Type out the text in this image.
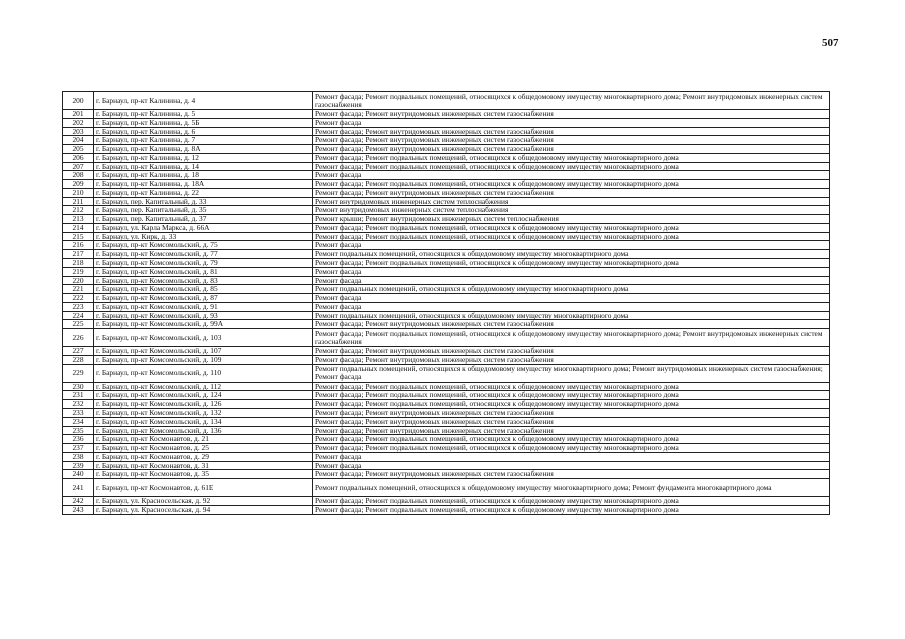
507
200	г. Барнаул, пр-кт Калинина, д. 4	Ремонт фасада; Ремонт подвальных помещений, относящихся к общедомовому имуществу многоквартирного дома; Ремонт внутридомовых инженерных систем газоснабжения
201	г. Барнаул, пр-кт Калинина, д. 5	Ремонт фасада; Ремонт внутридомовых инженерных систем газоснабжения
202	г. Барнаул, пр-кт Калинина, д. 5Б	Ремонт фасада
203	г. Барнаул, пр-кт Калинина, д. 6	Ремонт фасада; Ремонт внутридомовых инженерных систем газоснабжения
204	г. Барнаул, пр-кт Калинина, д. 7	Ремонт фасада; Ремонт внутридомовых инженерных систем газоснабжения
205	г. Барнаул, пр-кт Калинина, д. 8А	Ремонт фасада; Ремонт внутридомовых инженерных систем газоснабжения
206	г. Барнаул, пр-кт Калинина, д. 12	Ремонт фасада; Ремонт подвальных помещений, относящихся к общедомовому имуществу многоквартирного дома
207	г. Барнаул, пр-кт Калинина, д. 14	Ремонт фасада; Ремонт подвальных помещений, относящихся к общедомовому имуществу многоквартирного дома
208	г. Барнаул, пр-кт Калинина, д. 18	Ремонт фасада
209	г. Барнаул, пр-кт Калинина, д. 18А	Ремонт фасада; Ремонт подвальных помещений, относящихся к общедомовому имуществу многоквартирного дома
210	г. Барнаул, пр-кт Калинина, д. 22	Ремонт фасада; Ремонт внутридомовых инженерных систем газоснабжения
211	г. Барнаул, пер. Капитальный, д. 33	Ремонт внутридомовых инженерных систем теплоснабжения
212	г. Барнаул, пер. Капитальный, д. 35	Ремонт внутридомовых инженерных систем теплоснабжения
213	г. Барнаул, пер. Капитальный, д. 37	Ремонт крыши; Ремонт внутридомовых инженерных систем теплоснабжения
214	г. Барнаул, ул. Карла Маркса, д. 66А	Ремонт фасада; Ремонт подвальных помещений, относящихся к общедомовому имуществу многоквартирного дома
215	г. Барнаул, ул. Кирк, д. 33	Ремонт фасада; Ремонт подвальных помещений, относящихся к общедомовому имуществу многоквартирного дома
216	г. Барнаул, пр-кт Комсомольский, д. 75	Ремонт фасада
217	г. Барнаул, пр-кт Комсомольский, д. 77	Ремонт подвальных помещений, относящихся к общедомовому имуществу многоквартирного дома
218	г. Барнаул, пр-кт Комсомольский, д. 79	Ремонт фасада; Ремонт подвальных помещений, относящихся к общедомовому имуществу многоквартирного дома
219	г. Барнаул, пр-кт Комсомольский, д. 81	Ремонт фасада
220	г. Барнаул, пр-кт Комсомольский, д. 83	Ремонт фасада
221	г. Барнаул, пр-кт Комсомольский, д. 85	Ремонт подвальных помещений, относящихся к общедомовому имуществу многоквартирного дома
222	г. Барнаул, пр-кт Комсомольский, д. 87	Ремонт фасада
223	г. Барнаул, пр-кт Комсомольский, д. 91	Ремонт фасада
224	г. Барнаул, пр-кт Комсомольский, д. 93	Ремонт подвальных помещений, относящихся к общедомовому имуществу многоквартирного дома
225	г. Барнаул, пр-кт Комсомольский, д. 99А	Ремонт фасада; Ремонт внутридомовых инженерных систем газоснабжения
226	г. Барнаул, пр-кт Комсомольский, д. 103	Ремонт фасада; Ремонт подвальных помещений, относящихся к общедомовому имуществу многоквартирного дома; Ремонт внутридомовых инженерных систем газоснабжения
227	г. Барнаул, пр-кт Комсомольский, д. 107	Ремонт фасада; Ремонт внутридомовых инженерных систем газоснабжения
228	г. Барнаул, пр-кт Комсомольский, д. 109	Ремонт фасада; Ремонт внутридомовых инженерных систем газоснабжения
229	г. Барнаул, пр-кт Комсомольский, д. 110	Ремонт подвальных помещений, относящихся к общедомовому имуществу многоквартирного дома; Ремонт внутридомовых инженерных систем газоснабжения; Ремонт фасада
230	г. Барнаул, пр-кт Комсомольский, д. 112	Ремонт фасада; Ремонт подвальных помещений, относящихся к общедомовому имуществу многоквартирного дома
231	г. Барнаул, пр-кт Комсомольский, д. 124	Ремонт фасада; Ремонт подвальных помещений, относящихся к общедомовому имуществу многоквартирного дома
232	г. Барнаул, пр-кт Комсомольский, д. 126	Ремонт фасада; Ремонт подвальных помещений, относящихся к общедомовому имуществу многоквартирного дома
233	г. Барнаул, пр-кт Комсомольский, д. 132	Ремонт фасада; Ремонт внутридомовых инженерных систем газоснабжения
234	г. Барнаул, пр-кт Комсомольский, д. 134	Ремонт фасада; Ремонт внутридомовых инженерных систем газоснабжения
235	г. Барнаул, пр-кт Комсомольский, д. 136	Ремонт фасада; Ремонт внутридомовых инженерных систем газоснабжения
236	г. Барнаул, пр-кт Космонавтов, д. 21	Ремонт фасада; Ремонт подвальных помещений, относящихся к общедомовому имуществу многоквартирного дома
237	г. Барнаул, пр-кт Космонавтов, д. 25	Ремонт фасада; Ремонт подвальных помещений, относящихся к общедомовому имуществу многоквартирного дома
238	г. Барнаул, пр-кт Космонавтов, д. 29	Ремонт фасада
239	г. Барнаул, пр-кт Космонавтов, д. 31	Ремонт фасада
240	г. Барнаул, пр-кт Космонавтов, д. 35	Ремонт фасада; Ремонт внутридомовых инженерных систем газоснабжения
241	г. Барнаул, пр-кт Космонавтов, д. 61Е	Ремонт подвальных помещений, относящихся к общедомовому имуществу многоквартирного дома; Ремонт фундамента многоквартирного дома
242	г. Барнаул, ул. Красносельская, д. 92	Ремонт фасада; Ремонт подвальных помещений, относящихся к общедомовому имуществу многоквартирного дома
243	г. Барнаул, ул. Красносельская, д. 94	Ремонт фасада; Ремонт подвальных помещений, относящихся к общедомовому имуществу многоквартирного дома
